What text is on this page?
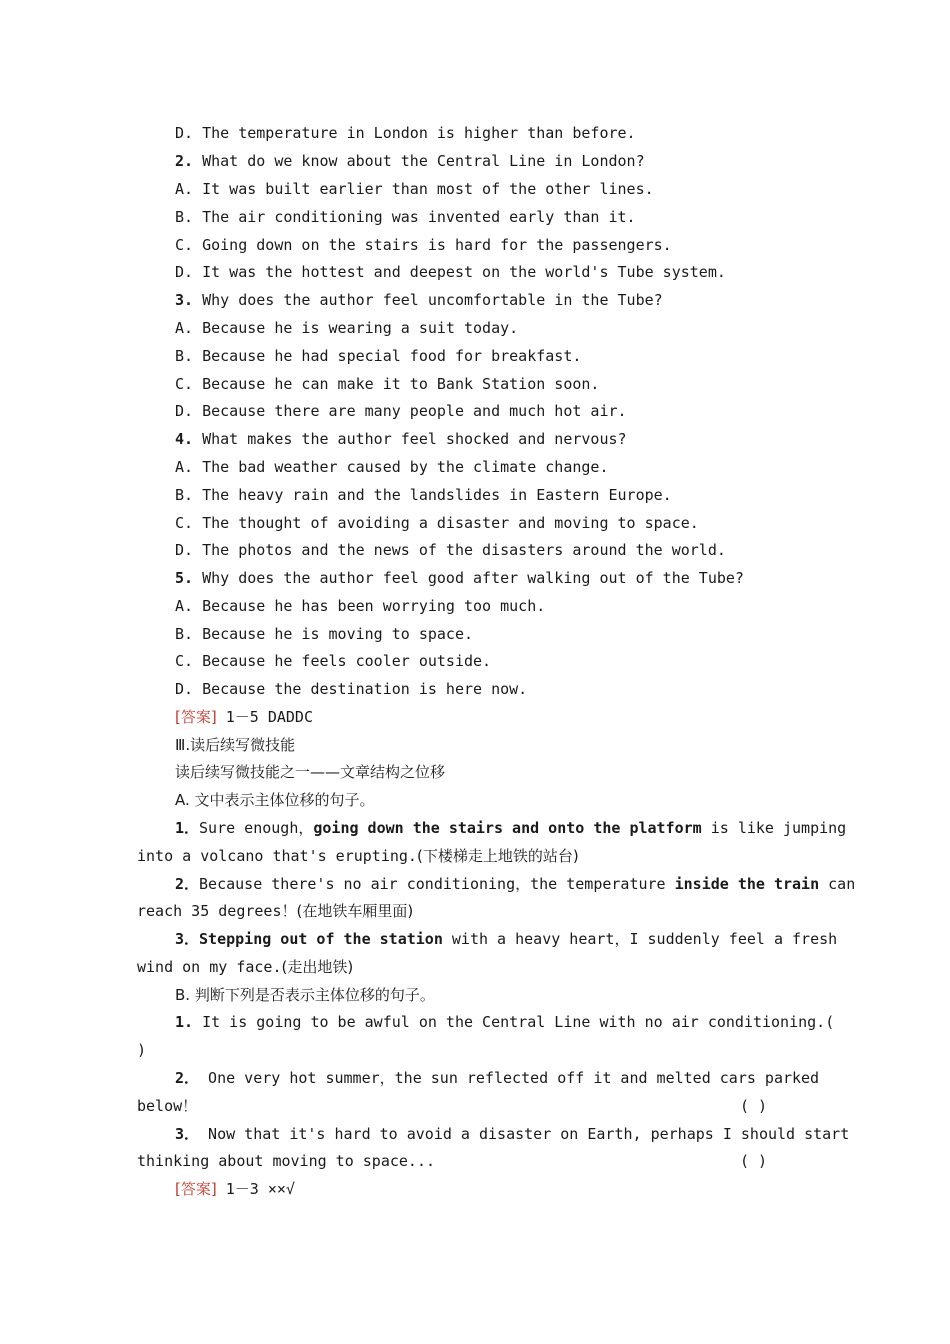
D. The temperature in London is higher than before.
2. What do we know about the Central Line in London?
A. It was built earlier than most of the other lines.
B. The air conditioning was invented early than it.
C. Going down on the stairs is hard for the passengers.
D. It was the hottest and deepest on the world's Tube system.
3. Why does the author feel uncomfortable in the Tube?
A. Because he is wearing a suit today.
B. Because he had special food for breakfast.
C. Because he can make it to Bank Station soon.
D. Because there are many people and much hot air.
4. What makes the author feel shocked and nervous?
A. The bad weather caused by the climate change.
B. The heavy rain and the landslides in Eastern Europe.
C. The thought of avoiding a disaster and moving to space.
D. The photos and the news of the disasters around the world.
5. Why does the author feel good after walking out of the Tube?
A. Because he has been worrying too much.
B. Because he is moving to space.
C. Because he feels cooler outside.
D. Because the destination is here now.
[答案] 1－5 DADDC
Ⅲ.读后续写微技能
读后续写微技能之一——文章结构之位移
A. 文中表示主体位移的句子。
1．Sure enough，going down the stairs and onto the platform is like jumping
into a volcano that's erupting.(下楼梯走上地铁的站台)
2．Because there's no air conditioning，the temperature inside the train can
reach 35 degrees！(在地铁车厢里面)
3．Stepping out of the station with a heavy heart，I suddenly feel a fresh
wind on my face.(走出地铁)
B. 判断下列是否表示主体位移的句子。
1. It is going to be awful on the Central Line with no air conditioning.(
)
2． One very hot summer，the sun reflected off it and melted cars parked
below！	( )
3． Now that it's hard to avoid a disaster on Earth, perhaps I should start
thinking about moving to space...	( )
[答案] 1－3 ××√
